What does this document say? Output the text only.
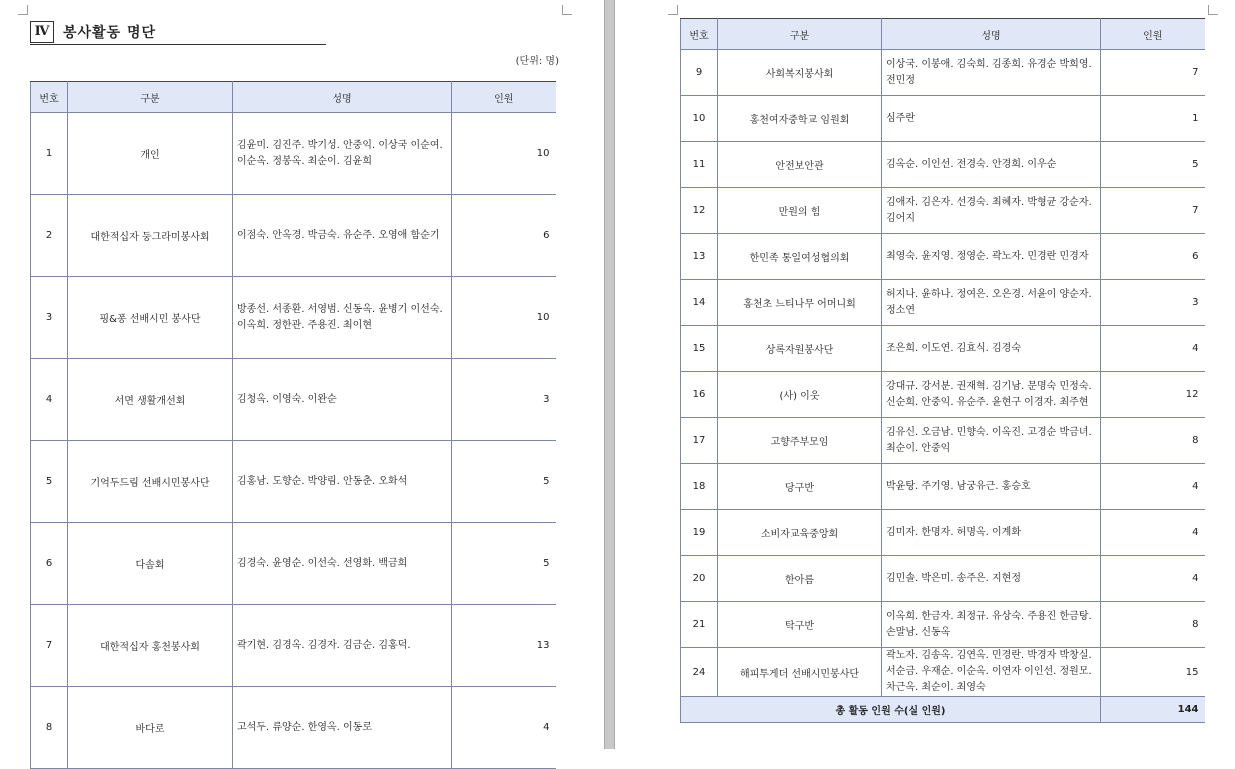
Ⅳ 봉사활동 명단
(단위: 명)
번호	구분	성명	인원
1	개인	김윤미. 김진주. 박기성. 안중익. 이상국 이순여. 이순옥. 정봉옥. 최순이. 김윤희	10
2	대한적십자 둥그라미봉사회	이점숙. 안옥경. 박금숙. 유순주. 오영애 함순기	6
3	핑&퐁 선배시민 봉사단	방종선. 서종환. 서영범. 신동옥. 윤병기 이선숙. 이옥희. 정한관. 주용진. 최이현	10
4	서면 생활개선회	김청옥. 이영숙. 이완순	3
5	기억두드림 선배시민봉사단	김홍남. 도향순. 박양림. 안동춘. 오화석	5
6	다솜회	김경숙. 윤영순. 이선숙. 선영화. 백금희	5
7	대한적십자 홍천봉사회	곽기현. 김경옥. 김경자. 김금순. 김홍덕.	13
8	바다로	고석두. 류양순. 한영옥. 이동로	4
번호	구분	성명	인원
9	사회복지봉사회	이상국. 이봉애. 김숙희. 김종희. 유경순 박희영. 전민정	7
10	홍천여자중학교 임원회	심주란	1
11	안전보안관	김옥순. 이인선. 전경숙. 안경희. 이우순	5
12	만원의 힘	김애자. 김은자. 선경숙. 최혜자. 박형균 강순자. 김어지	7
13	한민족 통일여성협의회	최영숙. 윤지영. 정영순. 곽노자. 민경란 민경자	6
14	홍천초 느티나무 어머니회	허지나. 윤하나. 정여은. 오은경. 서윤이 양순자. 정소연	3
15	상록자원봉사단	조은희. 이도연. 김효식. 김경숙	4
16	(사) 이웃	강대규. 강서분. 권재혁. 김기남. 문명숙 민정숙. 신순희. 안중익. 유순주. 윤현구 이경자. 최주현	12
17	고향주부모임	김유신. 오금남. 민향숙. 이옥진. 고경순 박금녀. 최순이. 안중익	8
18	당구반	박윤탕. 주기영. 남궁유근. 홍승호	4
19	소비자교육중앙회	김미자. 한명자. 허명옥. 이계화	4
20	한아름	김민솔. 박은미. 송주은. 지현정	4
21	탁구반	이옥희. 한금자. 최정규. 유상숙. 주용진 한금탕. 손말남. 신동옥	8
24	해피투게더 선배시민봉사단	곽노자. 김송옥. 김연옥. 민경란. 박경자 박창실. 서순금. 우재순. 이순옥. 이연자 이인선. 정원모. 차근옥. 최순이. 최영숙	15
총 활동 인원 수(실 인원)			144
